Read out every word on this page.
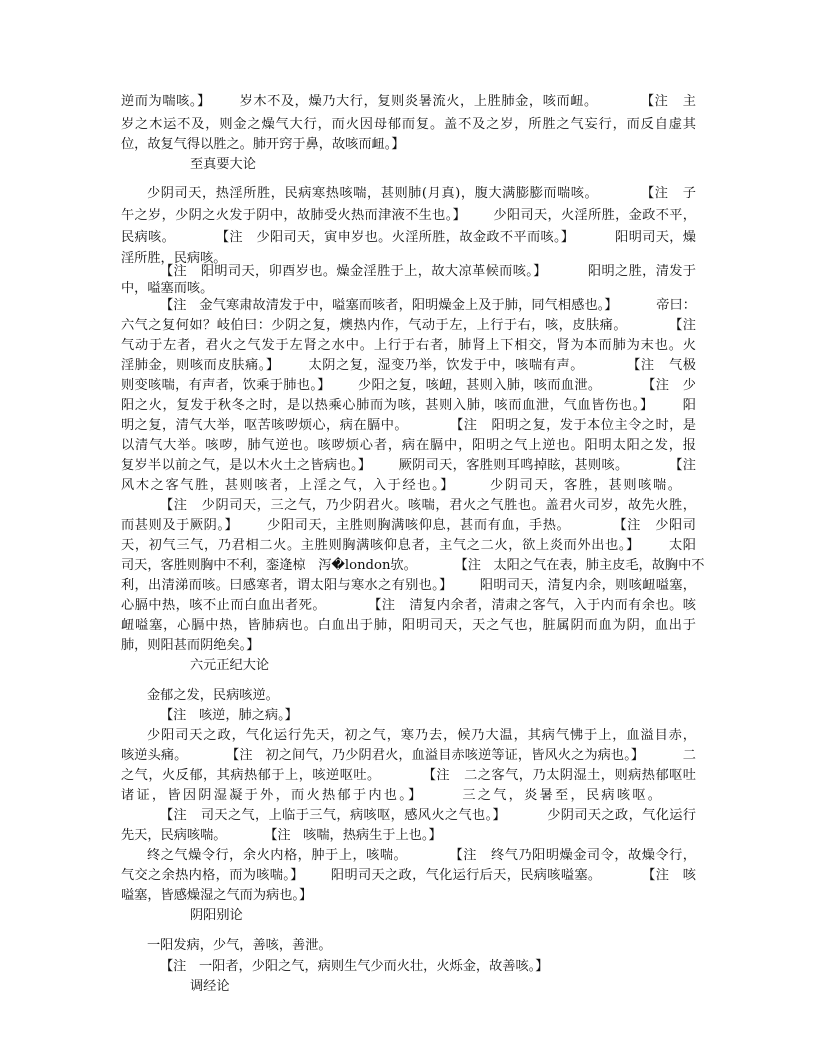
逆而为喘咳。】      岁木不及，燥乃大行，复则炎暑流火，上胜肺金，咳而衄。         【注   主
岁之木运不及，则金之燥气大行，而火因母郁而复。盖不及之岁，所胜之气妄行，而反自虚其
位，故复气得以胜之。肺开窍于鼻，故咳而衄。】
至真要大论
少阴司天，热淫所胜，民病寒热咳喘，甚则肺(月真)，腹大满膨膨而喘咳。         【注   子
午之岁，少阴之火发于阴中，故肺受火热而津液不生也。】      少阳司天，火淫所胜，金政不平，
民病咳。         【注   少阳司天，寅申岁也。火淫所胜，故金政不平而咳。】         阳明司天，燥
淫所胜，民病咳。
【注   阳明司天，卯酉岁也。燥金淫胜于上，故大凉革候而咳。】         阳明之胜，清发于
中，嗌塞而咳。
【注   金气寒肃故清发于中，嗌塞而咳者，阳明燥金上及于肺，同气相感也。】         帝曰：
六气之复何如？岐伯曰：少阴之复，燠热内作，气动于左，上行于右，咳，皮肤痛。         【注
气动于左者，君火之气发于左肾之水中。上行于右者，肺肾上下相交，肾为本而肺为末也。火
淫肺金，则咳而皮肤痛。】      太阴之复，湿变乃举，饮发于中，咳喘有声。         【注   气极
则变咳喘，有声者，饮乘于肺也。】      少阳之复，咳衄，甚则入肺，咳而血泄。         【注   少
阳之火，复发于秋冬之时，是以热乘心肺而为咳，甚则入肺，咳而血泄，气血皆伤也。】      阳
明之复，清气大举，呕苦咳哕烦心，病在膈中。         【注   阳明之复，发于本位主令之时，是
以清气大举。咳哕，肺气逆也。咳哕烦心者，病在膈中，阳明之气上逆也。阳明太阳之发，报
复岁半以前之气，是以木火土之皆病也。】      厥阴司天，客胜则耳鸣掉眩，甚则咳。         【注
风木之客气胜，甚则咳者，上淫之气，入于经也。】      少阴司天，客胜，甚则咳喘。
【注   少阴司天，三之气，乃少阴君火。咳喘，君火之气胜也。盖君火司岁，故先火胜，
而甚则及于厥阴。】      少阳司天，主胜则胸满咳仰息，甚而有血，手热。         【注   少阳司
天，初气三气，乃君相二火。主胜则胸满咳仰息者，主气之二火，欲上炎而外出也。】      太阳
司天，客胜则胸中不利，銮逄椋   泻�london欤。         【注   太阳之气在表，肺主皮毛，故胸中不
利，出清涕而咳。曰感寒者，谓太阳与寒水之有别也。】      阳明司天，清复内余，则咳衄嗌塞，
心膈中热，咳不止而白血出者死。         【注   清复内余者，清肃之客气，入于内而有余也。咳
衄嗌塞，心膈中热，皆肺病也。白血出于肺，阳明司天，天之气也，脏属阴而血为阴，血出于
肺，则阳甚而阴绝矣。】
六元正纪大论
金郁之发，民病咳逆。
【注   咳逆，肺之病。】
少阳司天之政，气化运行先天，初之气，寒乃去，候乃大温，其病气怫于上，血溢目赤，
咳逆头痛。         【注   初之间气，乃少阴君火，血溢目赤咳逆等证，皆风火之为病也。】         二
之气，火反郁，其病热郁于上，咳逆呕吐。         【注   二之客气，乃太阴湿土，则病热郁呕吐
诸证，皆因阴湿凝于外，而火热郁于内也。】      三之气，炎暑至，民病咳呕。
【注   司天之气，上临于三气，病咳呕，感风火之气也。】         少阴司天之政，气化运行
先天，民病咳喘。         【注   咳喘，热病生于上也。】
终之气燥令行，余火内格，肿于上，咳喘。         【注   终气乃阳明燥金司令，故燥令行，
气交之余热内格，而为咳喘。】      阳明司天之政，气化运行后天，民病咳嗌塞。         【注   咳
嗌塞，皆感燥湿之气而为病也。】
阴阳别论
一阳发病，少气，善咳，善泄。
【注   一阳者，少阳之气，病则生气少而火壮，火烁金，故善咳。】
调经论
